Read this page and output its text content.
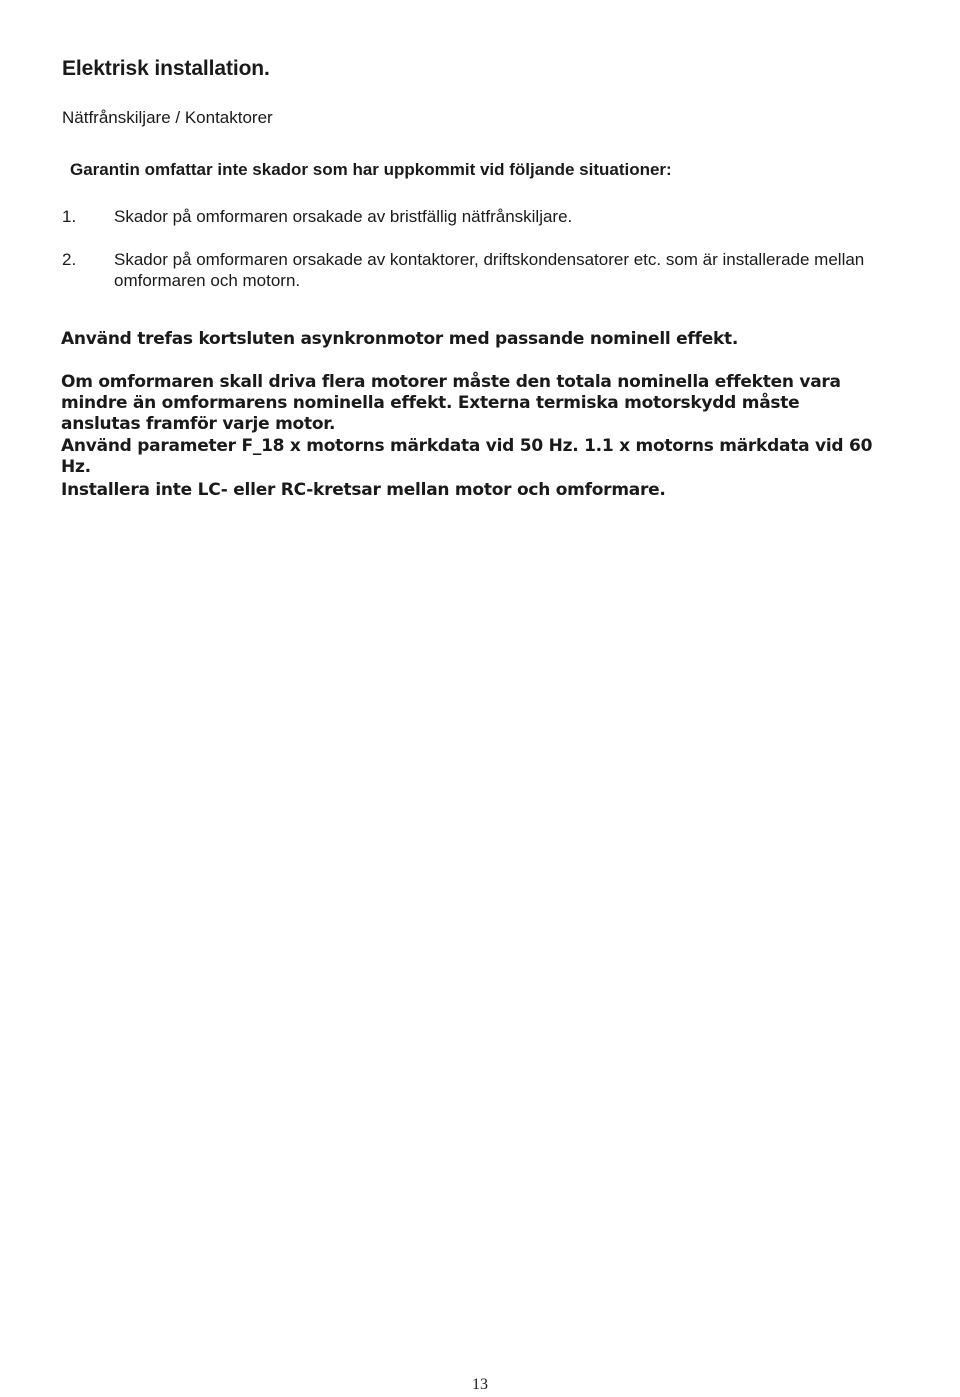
Elektrisk installation.
Nätfrånskiljare / Kontaktorer
Garantin omfattar inte skador som har uppkommit vid följande situationer:
1. Skador på omformaren orsakade av bristfällig nätfrånskiljare.
2. Skador på omformaren orsakade av kontaktorer, driftskondensatorer etc. som är installerade mellan omformaren och motorn.

Använd trefas kortsluten asynkronmotor med passande nominell effekt.

Om omformaren skall driva flera motorer måste den totala nominella effekten vara mindre än omformarens nominella effekt. Externa termiska motorskydd måste anslutas framför varje motor.

Använd parameter F_18 x motorns märkdata vid 50 Hz. 1.1 x motorns märkdata vid 60 Hz.

Installera inte LC- eller RC-kretsar mellan motor och omformare.

13
